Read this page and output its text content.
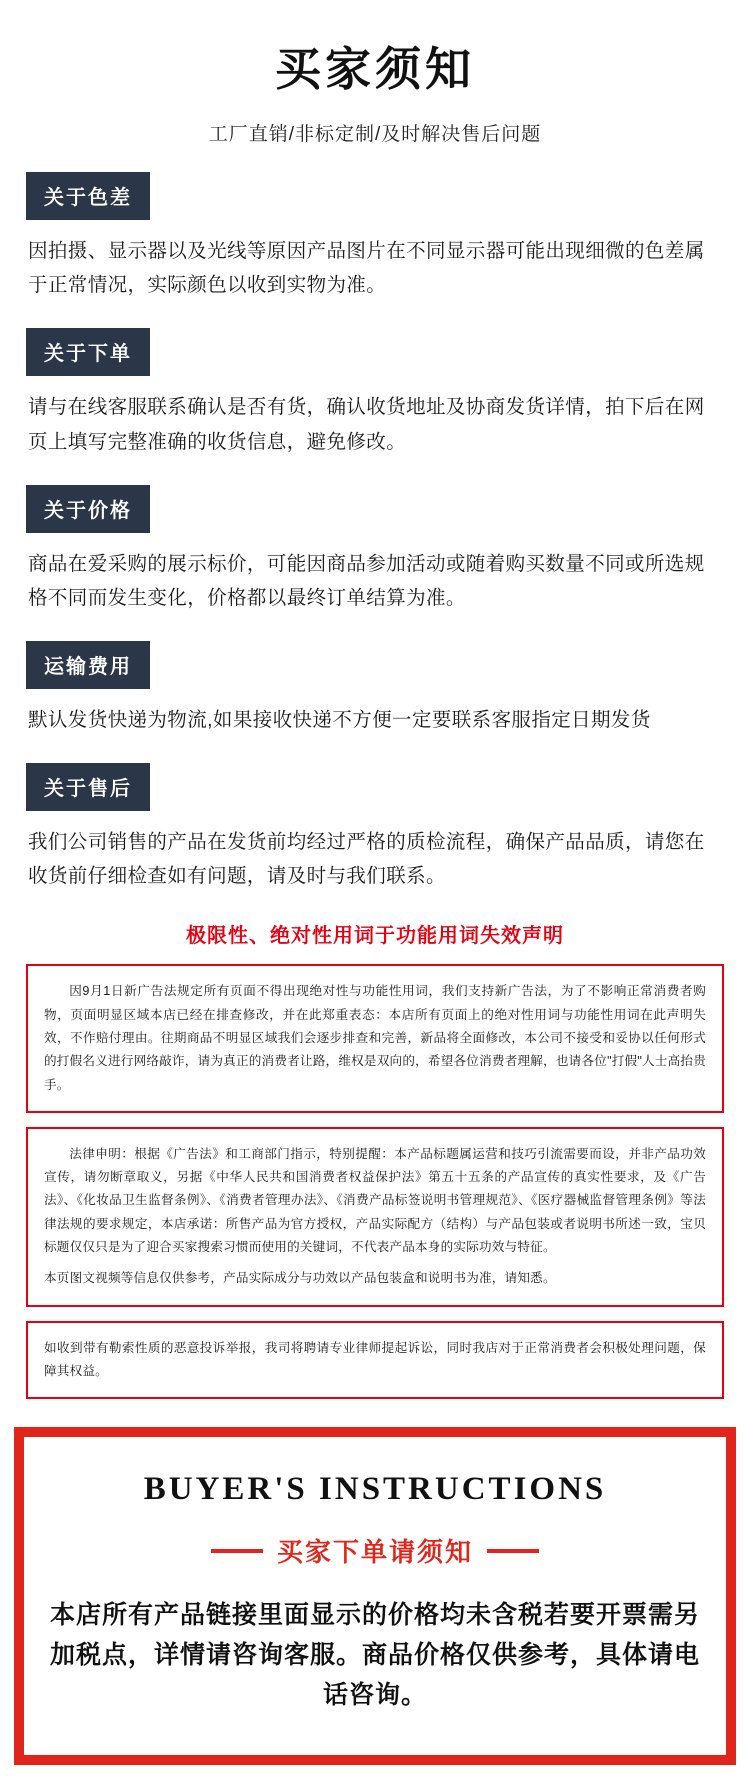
买家须知
工厂直销/非标定制/及时解决售后问题
关于色差
因拍摄、显示器以及光线等原因产品图片在不同显示器可能出现细微的色差属于正常情况，实际颜色以收到实物为准。
关于下单
请与在线客服联系确认是否有货，确认收货地址及协商发货详情，拍下后在网页上填写完整准确的收货信息，避免修改。
关于价格
商品在爱采购的展示标价，可能因商品参加活动或随着购买数量不同或所选规格不同而发生变化，价格都以最终订单结算为准。
运输费用
默认发货快递为物流,如果接收快递不方便一定要联系客服指定日期发货
关于售后
我们公司销售的产品在发货前均经过严格的质检流程，确保产品品质，请您在收货前仔细检查如有问题，请及时与我们联系。
极限性、绝对性用词于功能用词失效声明

因9月1日新广告法规定所有页面不得出现绝对性与功能性用词，我们支持新广告法，为了不影响正常消费者购物，页面明显区域本店已经在排查修改，并在此郑重表态：本店所有页面上的绝对性用词与功能性用词在此声明失效，不作赔付理由。往期商品不明显区域我们会逐步排查和完善，新品将全面修改，本公司不接受和妥协以任何形式的打假名义进行网络敲诈，请为真正的消费者让路，维权是双向的，希望各位消费者理解，也请各位"打假"人士高抬贵手。

法律申明：根据《广告法》和工商部门指示，特别提醒：本产品标题属运营和技巧引流需要而设，并非产品功效宣传，请勿断章取义，另据《中华人民共和国消费者权益保护法》第五十五条的产品宣传的真实性要求，及《广告法》、《化妆品卫生监督条例》、《消费者管理办法》、《消费产品标签说明书管理规范》、《医疗器械监督管理条例》等法律法规的要求规定，本店承诺：所售产品为官方授权，产品实际配方（结构）与产品包装或者说明书所述一致，宝贝标题仅仅只是为了迎合买家搜索习惯而使用的关键词，不代表产品本身的实际功效与特征。

本页图文视频等信息仅供参考，产品实际成分与功效以产品包装盒和说明书为准，请知悉。

如收到带有勒索性质的恶意投诉举报，我司将聘请专业律师提起诉讼，同时我店对于正常消费者会积极处理问题，保障其权益。

BUYER'S INSTRUCTIONS
买家下单请须知
本店所有产品链接里面显示的价格均未含税若要开票需另加税点，详情请咨询客服。商品价格仅供参考，具体请电话咨询。
